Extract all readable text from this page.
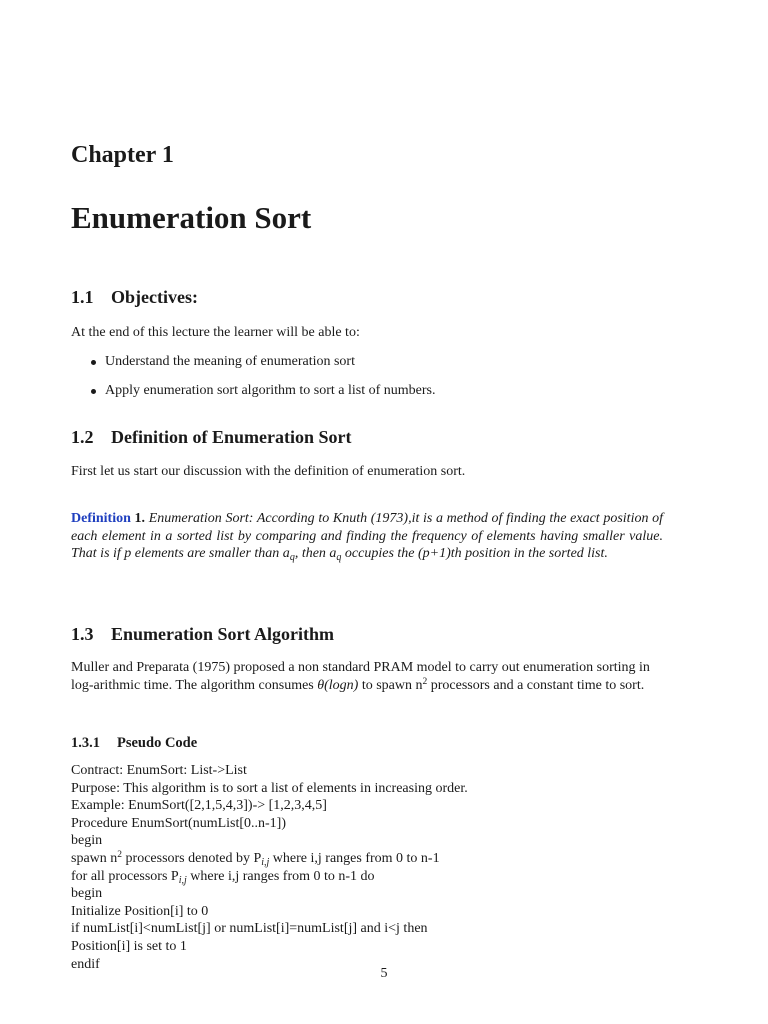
Chapter 1
Enumeration Sort
1.1 Objectives:
At the end of this lecture the learner will be able to:
Understand the meaning of enumeration sort
Apply enumeration sort algorithm to sort a list of numbers.
1.2 Definition of Enumeration Sort
First let us start our discussion with the definition of enumeration sort.
Definition 1. Enumeration Sort: According to Knuth (1973),it is a method of finding the exact position of each element in a sorted list by comparing and finding the frequency of elements having smaller value. That is if p elements are smaller than $a_q$, then $a_q$ occupies the (p+1)th position in the sorted list.
1.3 Enumeration Sort Algorithm
Muller and Preparata (1975) proposed a non standard PRAM model to carry out enumeration sorting in log-arithmic time. The algorithm consumes θ(logn) to spawn $n^2$ processors and a constant time to sort.
1.3.1 Pseudo Code
Contract: EnumSort: List->List
Purpose: This algorithm is to sort a list of elements in increasing order.
Example: EnumSort([2,1,5,4,3])-> [1,2,3,4,5]
Procedure EnumSort(numList[0..n-1])
begin
spawn $n^2$ processors denoted by $P_{i,j}$ where i,j ranges from 0 to n-1
for all processors $P_{i,j}$ where i,j ranges from 0 to n-1 do
begin
Initialize Position[i] to 0
if numList[i]<numList[j] or numList[i]=numList[j] and i<j then
Position[i] is set to 1
endif
5
